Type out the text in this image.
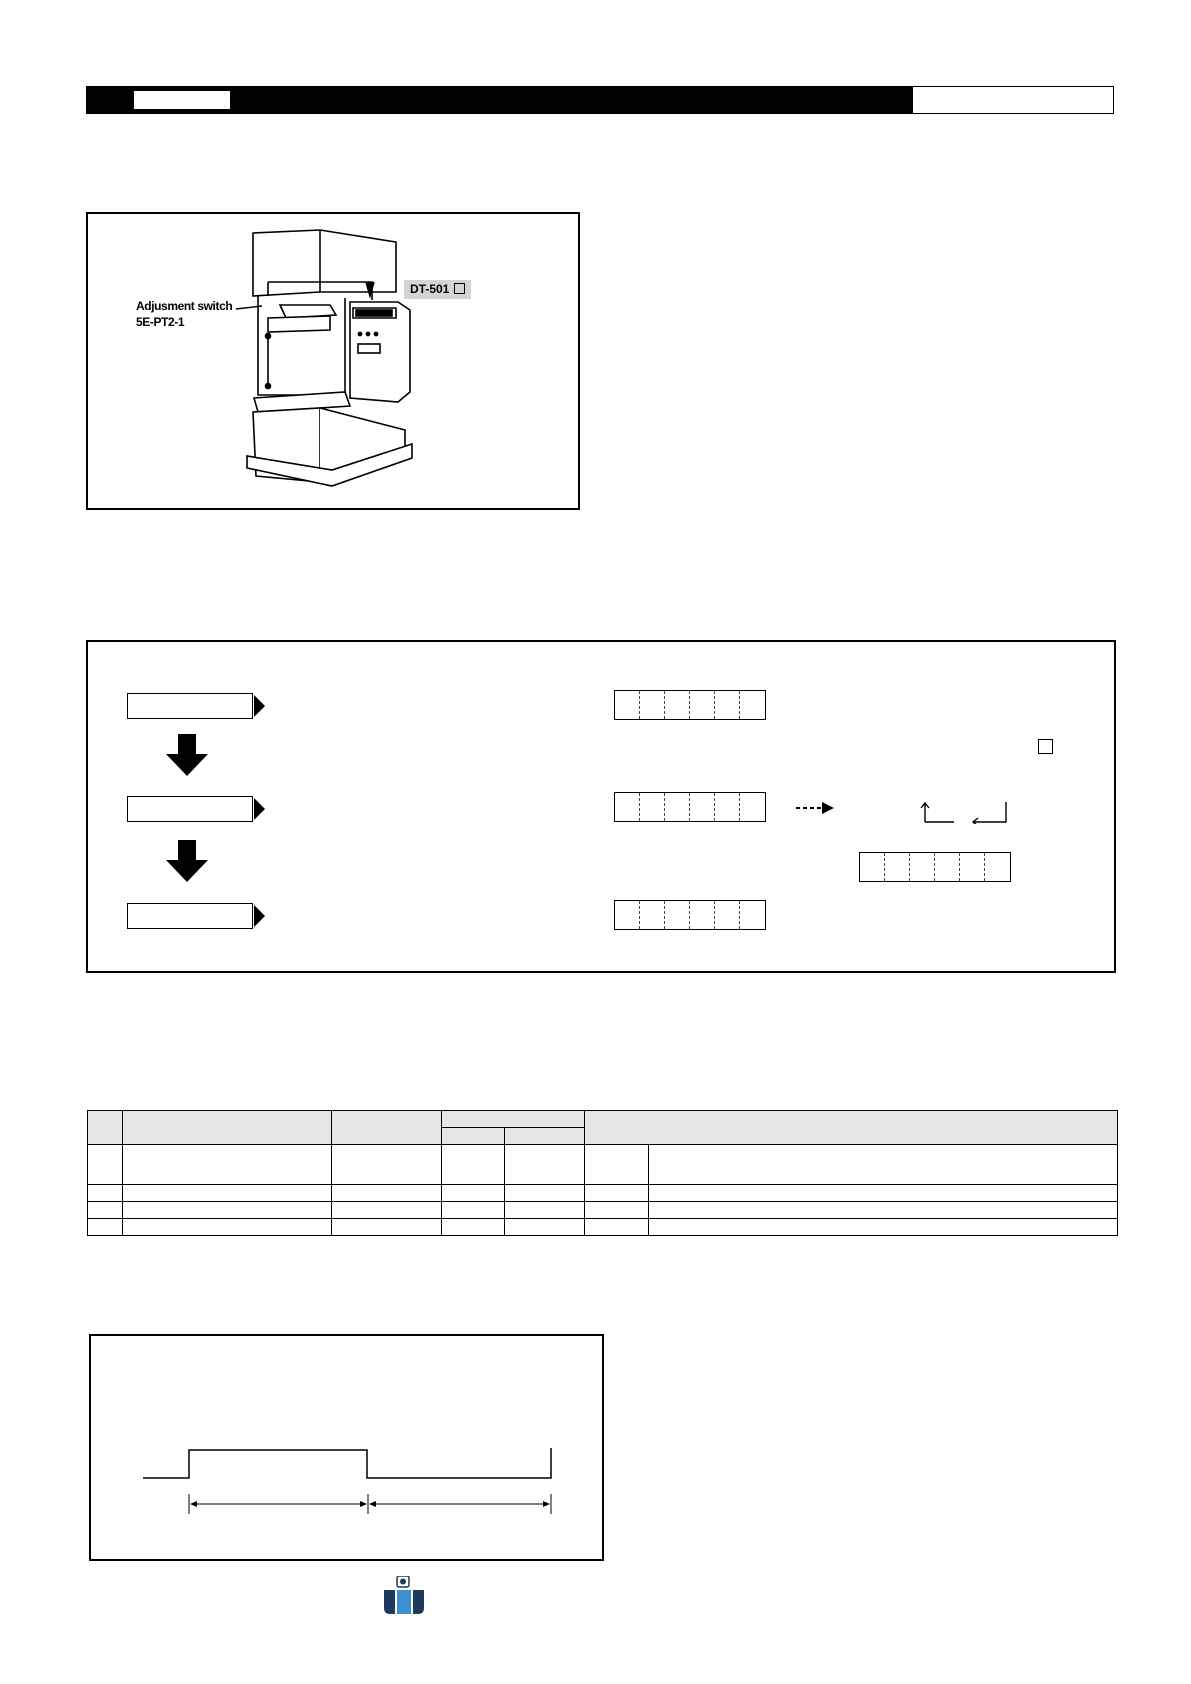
Adjusment switch
5E-PT2-1
DT-501
